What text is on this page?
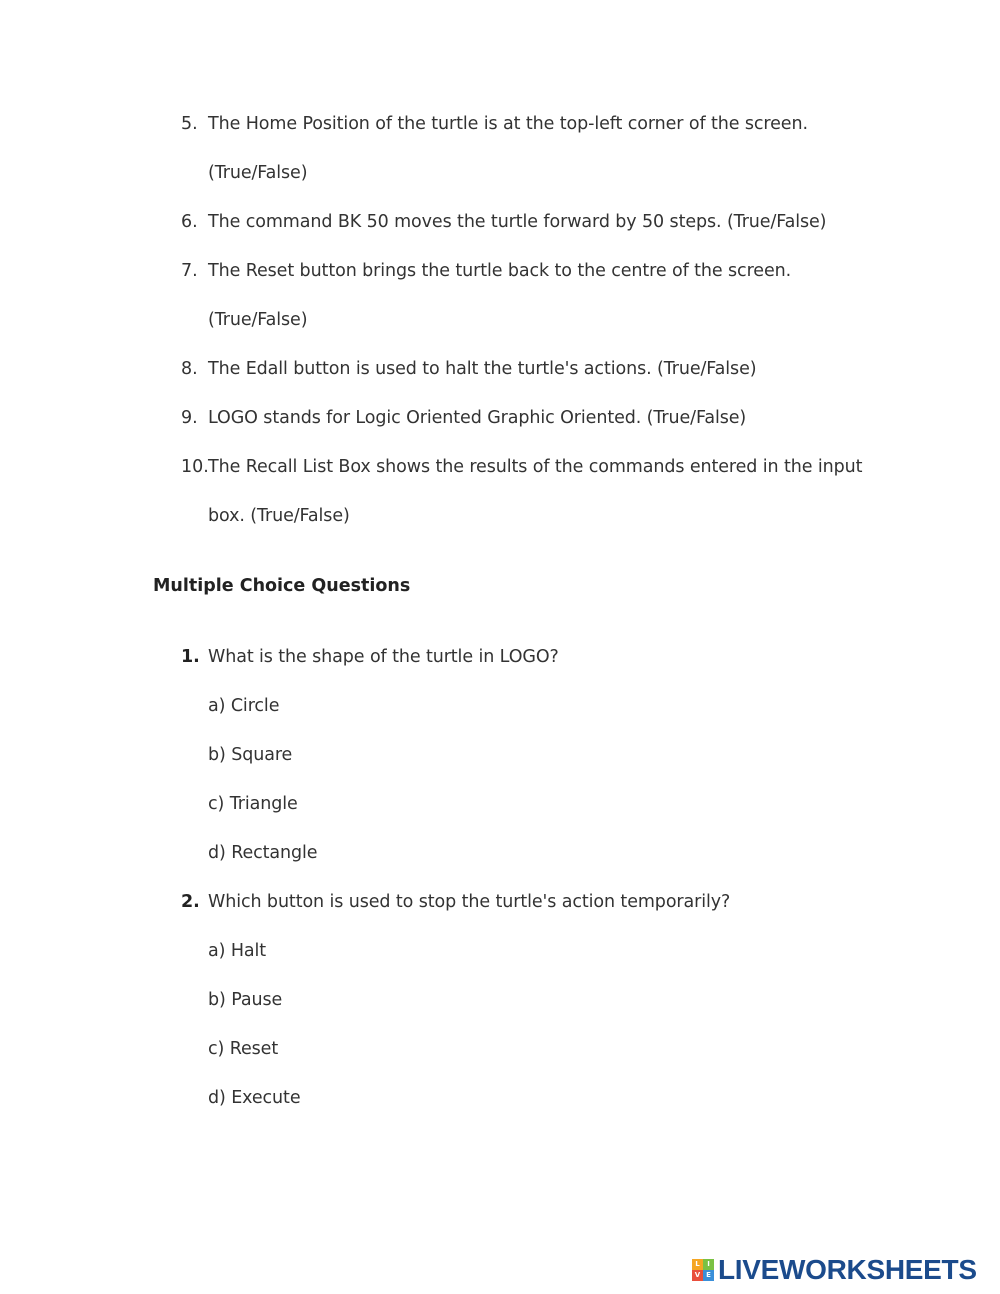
5. The Home Position of the turtle is at the top-left corner of the screen.
(True/False)
6. The command BK 50 moves the turtle forward by 50 steps. (True/False)
7. The Reset button brings the turtle back to the centre of the screen.
(True/False)
8. The Edall button is used to halt the turtle's actions. (True/False)
9. LOGO stands for Logic Oriented Graphic Oriented. (True/False)
10. The Recall List Box shows the results of the commands entered in the input
box. (True/False)
Multiple Choice Questions
1. What is the shape of the turtle in LOGO?
a) Circle
b) Square
c) Triangle
d) Rectangle
2. Which button is used to stop the turtle's action temporarily?
a) Halt
b) Pause
c) Reset
d) Execute
L	I
V E LIVEWORKSHEETS
